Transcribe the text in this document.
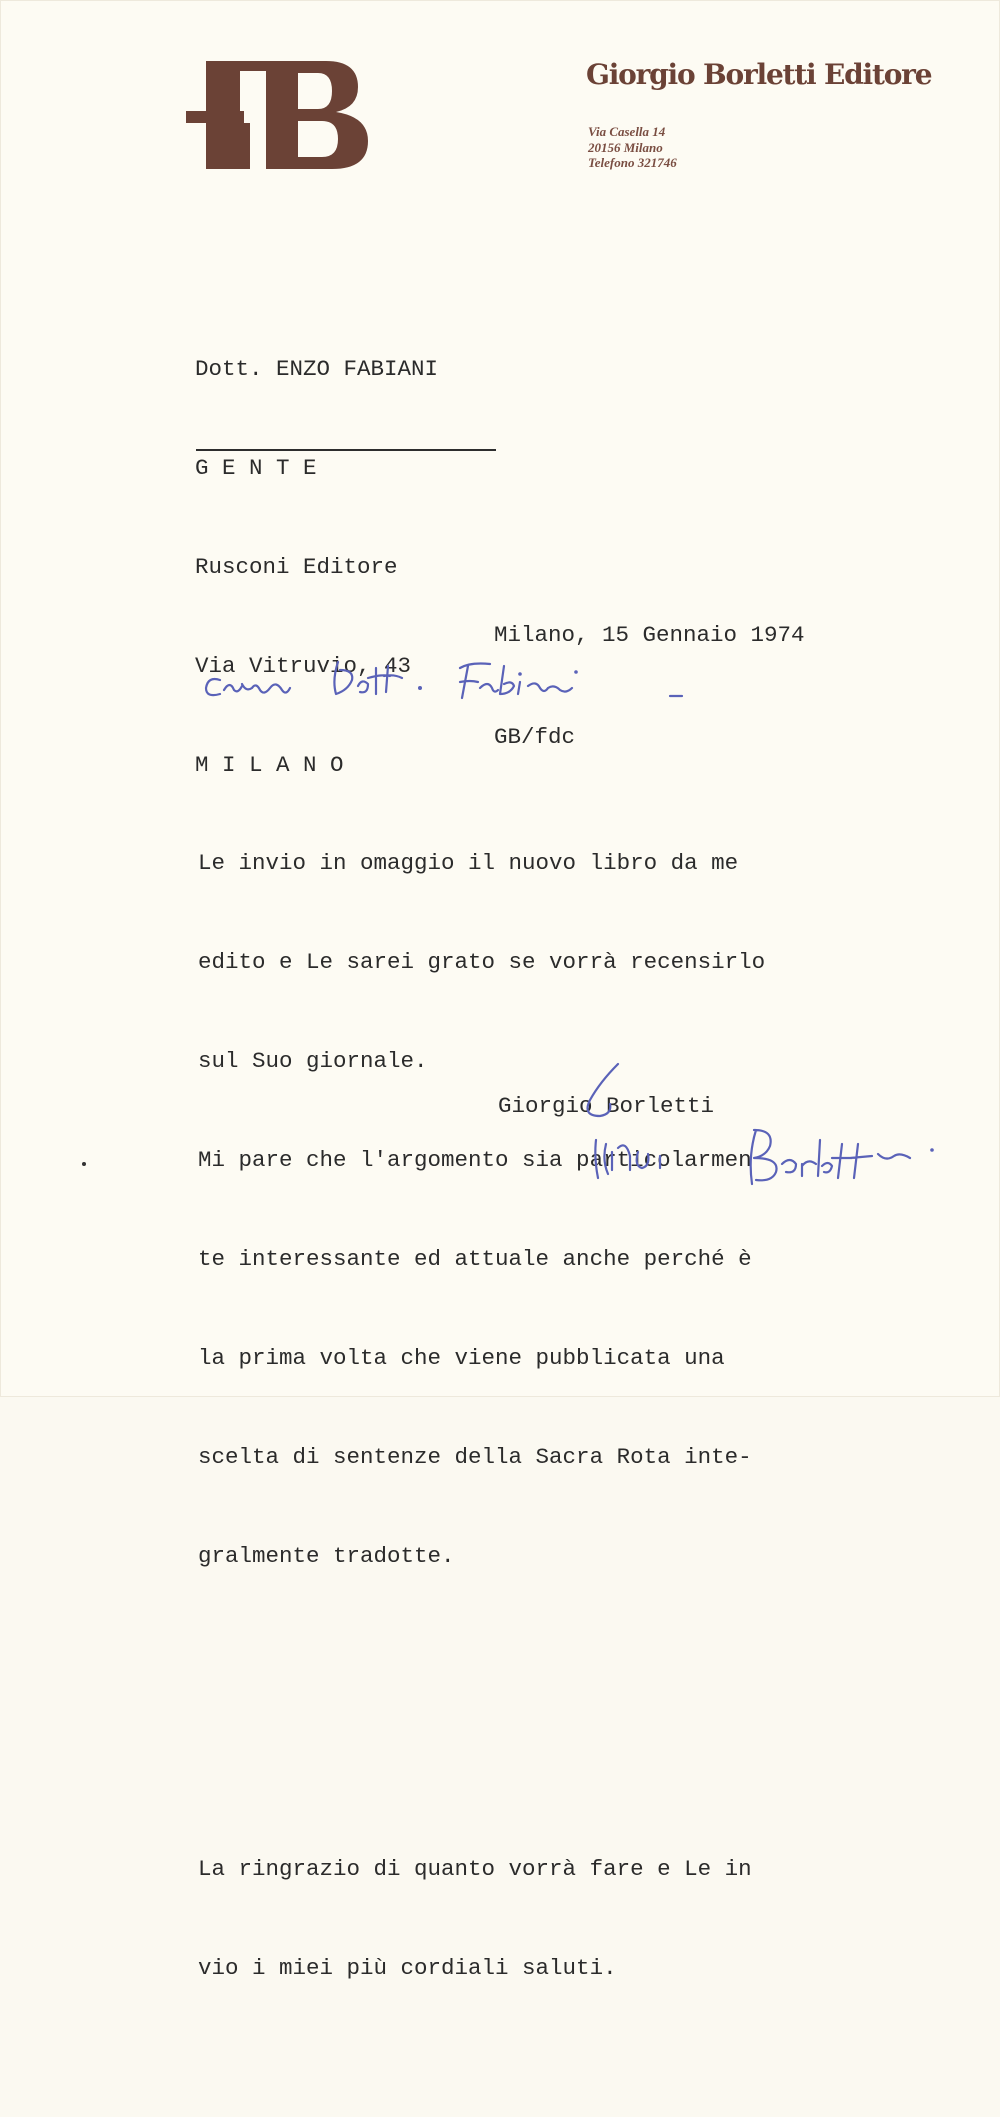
Giorgio Borletti Editore
Via Casella 14
20156 Milano
Telefono 321746

Dott. ENZO FABIANI

G E N T E

Rusconi Editore

Via Vitruvio, 43

M I L A N O

Milano, 15 Gennaio 1974

GB/fdc

Le invio in omaggio il nuovo libro da me

edito e Le sarei grato se vorrà recensirlo

sul Suo giornale.

Mi pare che l'argomento sia particolarmen

te interessante ed attuale anche perché è

la prima volta che viene pubblicata una

scelta di sentenze della Sacra Rota inte-

gralmente tradotte.

La ringrazio di quanto vorrà fare e Le in

vio i miei più cordiali saluti.

Giorgio Borletti
